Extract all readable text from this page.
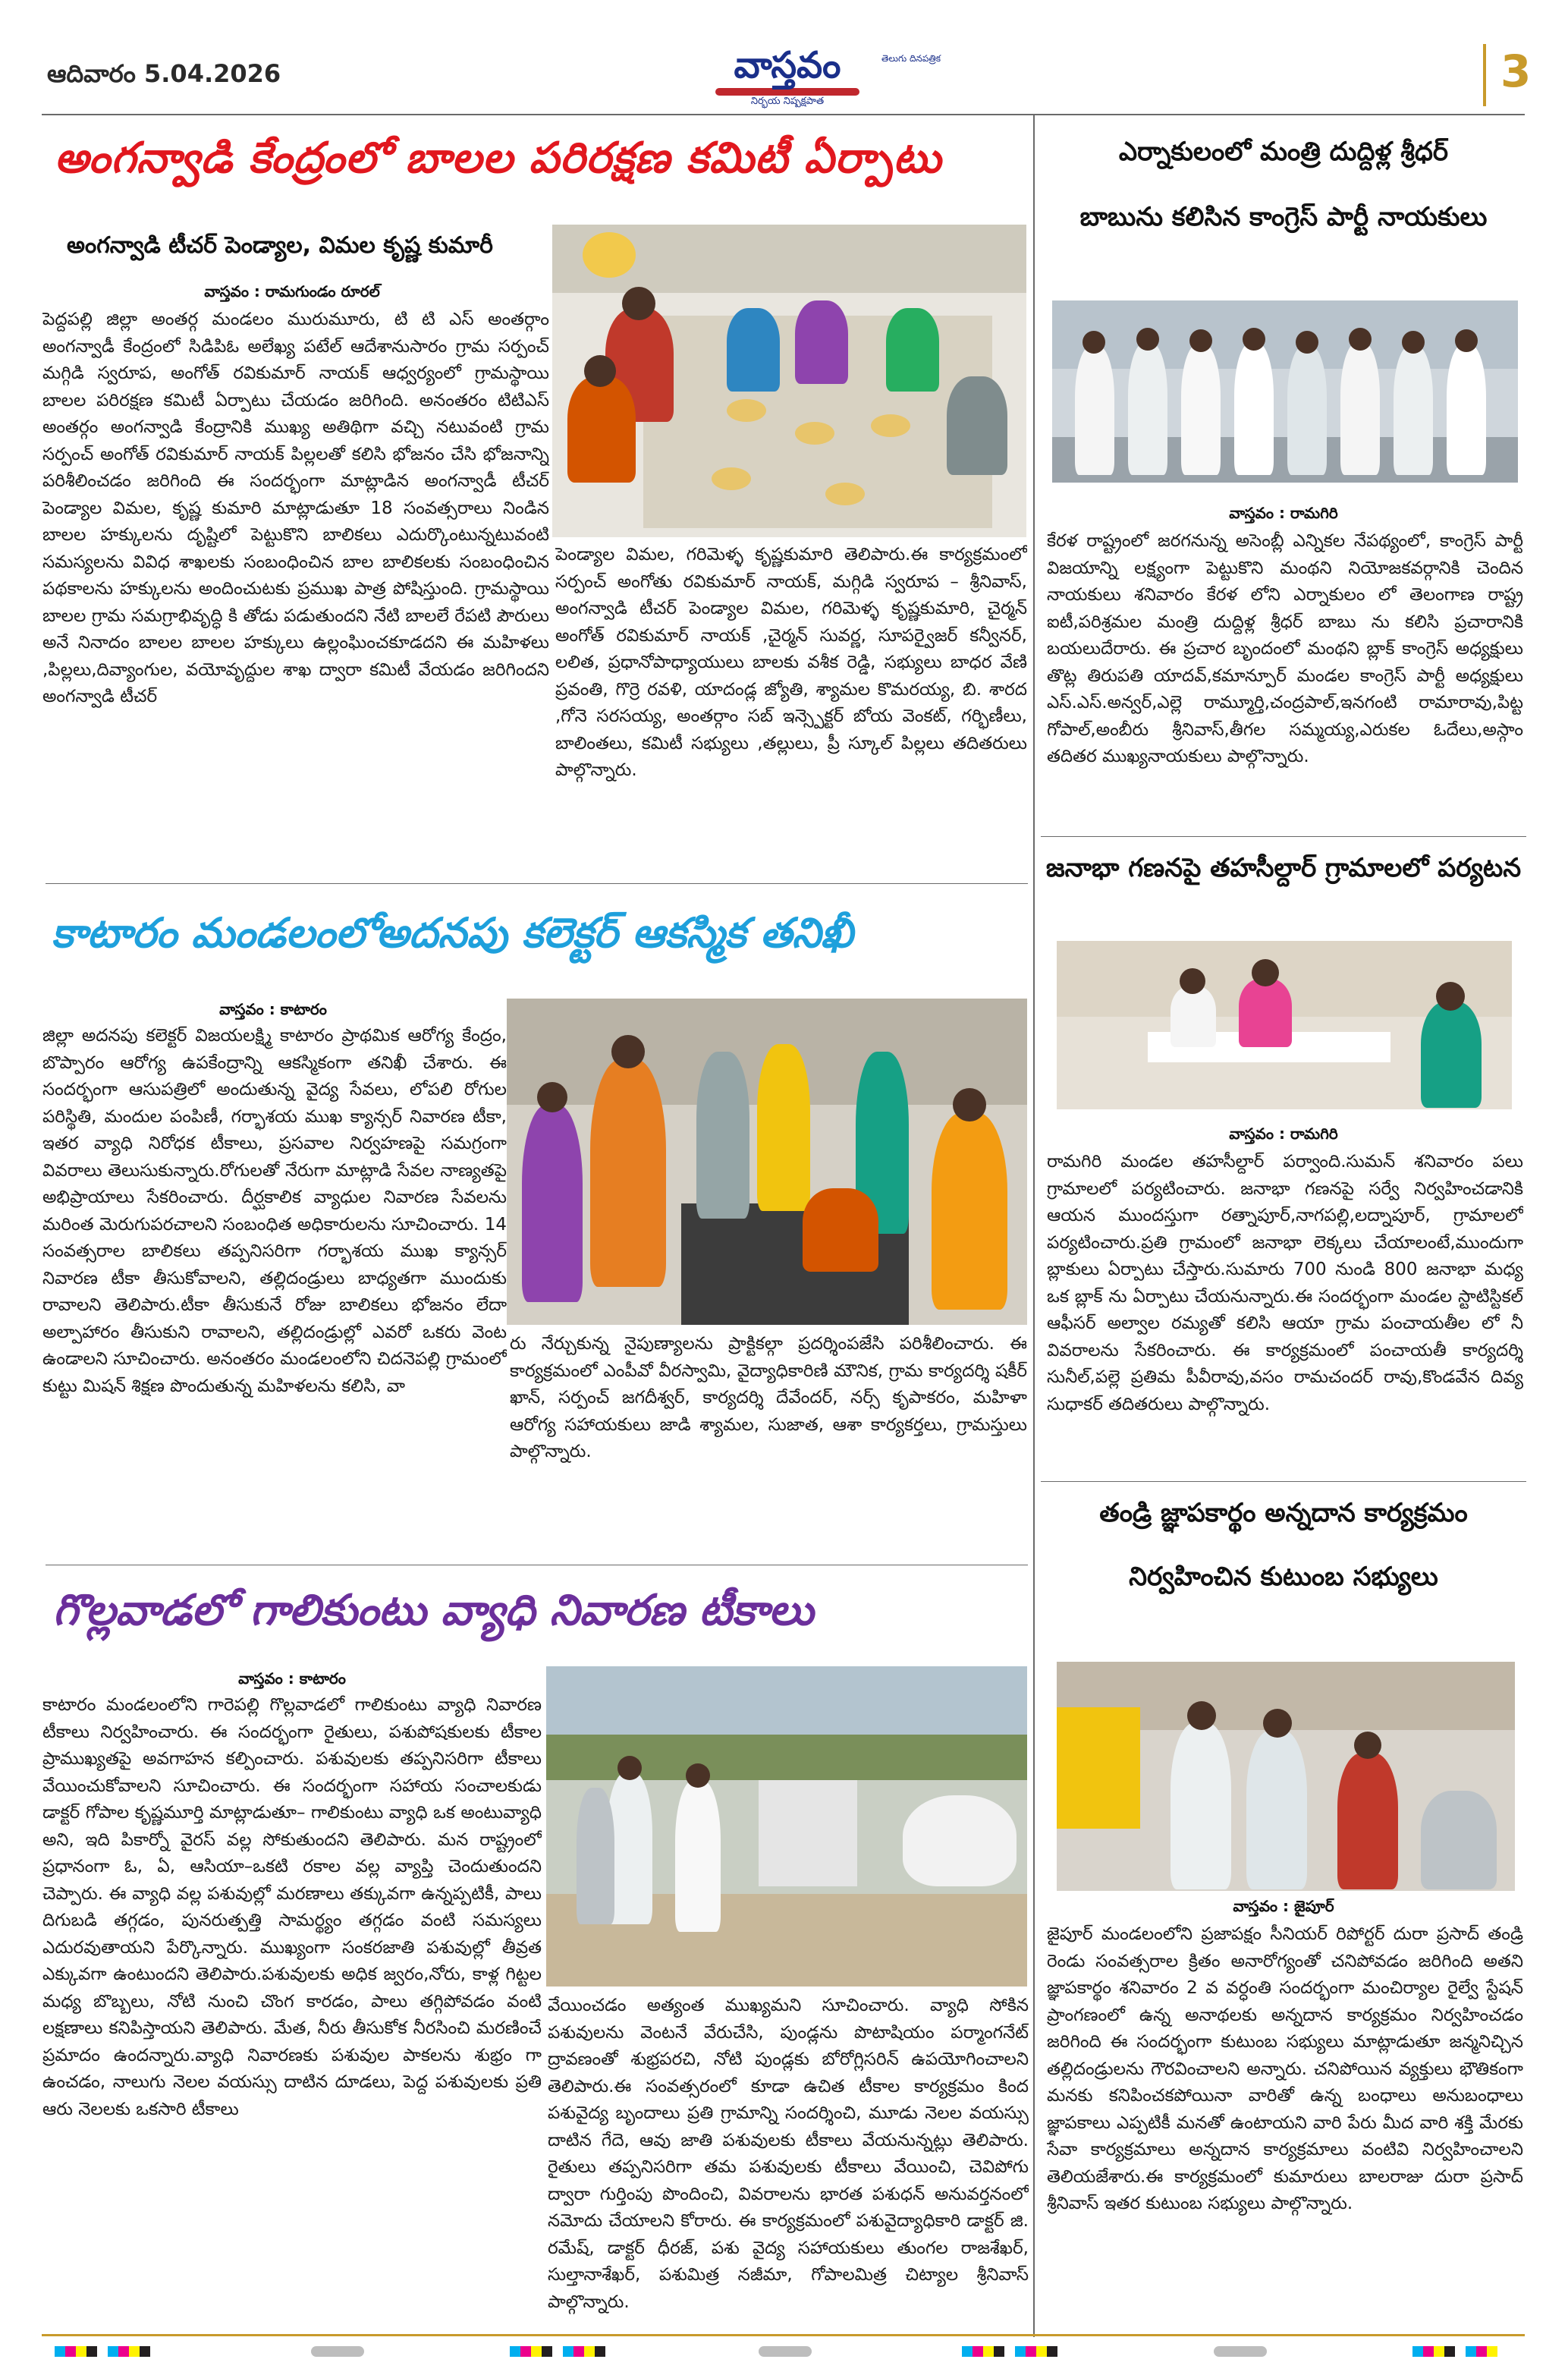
ఆదివారం 5.04.2026	వాస్తవం
నిర్భయ నిష్పక్షపాత
తెలుగు దినపత్రిక	3
అంగన్వాడి కేంద్రంలో బాలల పరిరక్షణ కమిటీ ఏర్పాటు
అంగన్వాడి టీచర్ పెండ్యాల, విమల కృష్ణ కుమారీ
వాస్తవం : రామగుండం రూరల్
పెద్దపల్లి జిల్లా అంతర్గ మండలం మురుమూరు, టి టి ఎస్ అంతర్గాం అంగన్వాడీ కేంద్రంలో సిడిపిఓ అలేఖ్య పటేల్ ఆదేశానుసారం గ్రామ సర్పంచ్ మగ్గిడి స్వరూప, అంగోత్ రవికుమార్ నాయక్ ఆధ్వర్యంలో గ్రామస్థాయి బాలల పరిరక్షణ కమిటీ ఏర్పాటు చేయడం జరిగింది. అనంతరం టిటిఎస్ అంతర్గం అంగన్వాడి కేంద్రానికి ముఖ్య అతిథిగా వచ్చి నటువంటి గ్రామ సర్పంచ్ అంగోత్ రవికుమార్ నాయక్ పిల్లలతో కలిసి భోజనం చేసి భోజనాన్ని పరిశీలించడం జరిగింది ఈ సందర్భంగా మాట్లాడిన అంగన్వాడీ టీచర్ పెండ్యాల విమల, కృష్ణ కుమారి మాట్లాడుతూ 18 సంవత్సరాలు నిండిన బాలల హక్కులను దృష్టిలో పెట్టుకొని బాలికలు ఎదుర్కొంటున్నటువంటి సమస్యలను వివిధ శాఖలకు సంబంధించిన బాల బాలికలకు సంబంధించిన పథకాలను హక్కులను అందించుటకు ప్రముఖ పాత్ర పోషిస్తుంది. గ్రామస్థాయి బాలల గ్రామ సమగ్రాభివృద్ధి కి తోడు పడుతుందని నేటి బాలలే రేపటి పౌరులు అనే నినాదం బాలల బాలల హక్కులు ఉల్లంఘించకూడదని ఈ మహిళలు ,పిల్లలు,దివ్యాంగుల, వయోవృద్దుల శాఖ ద్వారా కమిటీ వేయడం జరిగిందని అంగన్వాడి టీచర్
పెండ్యాల విమల, గరిమెళ్ళ కృష్ణకుమారి తెలిపారు.ఈ కార్యక్రమంలో సర్పంచ్ అంగోతు రవికుమార్ నాయక్, మగ్గిడి స్వరూప – శ్రీనివాస్, అంగన్వాడి టీచర్ పెండ్యాల విమల, గరిమెళ్ళ కృష్ణకుమారి, చైర్మన్ అంగోత్ రవికుమార్ నాయక్ ,చైర్మన్ సువర్ణ, సూపర్వైజర్ కన్వీనర్, లలిత, ప్రధానోపాధ్యాయులు బాలకు వశీక రెడ్డి, సభ్యులు బాధర వేణి ప్రవంతి, గొర్రె రవళి, యాదండ్ల జ్యోతి, శ్యామల కొమరయ్య, బి. శారద ,గోనె సరసయ్య, అంతర్గాం సబ్ ఇన్స్పెక్టర్ బోయ వెంకట్, గర్భిణీలు, బాలింతలు, కమిటీ సభ్యులు ,తల్లులు, ప్రీ స్కూల్ పిల్లలు తదితరులు పాల్గొన్నారు.
ఎర్నాకులంలో మంత్రి దుద్దిళ్ల శ్రీధర్
బాబును కలిసిన కాంగ్రెస్ పార్టీ నాయకులు
వాస్తవం : రామగిరి
కేరళ రాష్ట్రంలో జరగనున్న అసెంబ్లీ ఎన్నికల నేపథ్యంలో, కాంగ్రెస్ పార్టీ విజయాన్ని లక్ష్యంగా పెట్టుకొని మంథని నియోజకవర్గానికి చెందిన నాయకులు శనివారం కేరళ లోని ఎర్నాకులం లో తెలంగాణ రాష్ట్ర ఐటీ,పరిశ్రమల మంత్రి దుద్దిళ్ల శ్రీధర్ బాబు ను కలిసి ప్రచారానికి బయలుదేరారు. ఈ ప్రచార బృందంలో మంథని బ్లాక్ కాంగ్రెస్ అధ్యక్షులు తొట్ల తిరుపతి యాదవ్,కమాన్పూర్ మండల కాంగ్రెస్ పార్టీ అధ్యక్షులు ఎస్.ఎస్.అన్వర్,ఎల్లె రామ్మూర్తి,చంద్రపాల్,ఇనగంటి రామారావు,పిట్ట గోపాల్,అంబీరు శ్రీనివాస్,తీగల సమ్మయ్య,ఎరుకల ఓదేలు,అస్గాం తదితర ముఖ్యనాయకులు పాల్గొన్నారు.
జనాభా గణనపై తహసీల్దార్ గ్రామాలలో పర్యటన
వాస్తవం : రామగిరి
రామగిరి మండల తహసీల్దార్ పర్వాంది.సుమన్ శనివారం పలు గ్రామాలలో పర్యటించారు. జనాభా గణనపై సర్వే నిర్వహించడానికి ఆయన ముందస్తుగా రత్నాపూర్,నాగపల్లి,లద్నాపూర్, గ్రామాలలో పర్యటించారు.ప్రతి గ్రామంలో జనాభా లెక్కలు చేయాలంటే,ముందుగా బ్లాకులు ఏర్పాటు చేస్తారు.సుమారు 700 నుండి 800 జనాభా మధ్య ఒక బ్లాక్ ను ఏర్పాటు చేయనున్నారు.ఈ సందర్భంగా మండల స్టాటిస్టికల్ ఆఫీసర్ అల్వాల రమ్యతో కలిసి ఆయా గ్రామ పంచాయతీల లో నీ వివరాలను సేకరించారు. ఈ కార్యక్రమంలో పంచాయతీ కార్యదర్శి సునీల్,పల్లె ప్రతిమ పీవీరావు,వసం రామచందర్ రావు,కొండవేన దివ్య సుధాకర్ తదితరులు పాల్గొన్నారు.
కాటారం మండలంలోఅదనపు కలెక్టర్ ఆకస్మిక తనిఖీ
వాస్తవం : కాటారం
జిల్లా అదనపు కలెక్టర్ విజయలక్ష్మి కాటారం ప్రాథమిక ఆరోగ్య కేంద్రం, బొప్పారం ఆరోగ్య ఉపకేంద్రాన్ని ఆకస్మికంగా తనిఖీ చేశారు. ఈ సందర్భంగా ఆసుపత్రిలో అందుతున్న వైద్య సేవలు, లోపలి రోగుల పరిస్థితి, మందుల పంపిణీ, గర్భాశయ ముఖ క్యాన్సర్ నివారణ టీకా, ఇతర వ్యాధి నిరోధక టీకాలు, ప్రసవాల నిర్వహణపై సమగ్రంగా వివరాలు తెలుసుకున్నారు.రోగులతో నేరుగా మాట్లాడి సేవల నాణ్యతపై అభిప్రాయాలు సేకరించారు. దీర్ఘకాలిక వ్యాధుల నివారణ సేవలను మరింత మెరుగుపరచాలని సంబంధిత అధికారులను సూచించారు. 14 సంవత్సరాల బాలికలు తప్పనిసరిగా గర్భాశయ ముఖ క్యాన్సర్ నివారణ టీకా తీసుకోవాలని, తల్లిదండ్రులు బాధ్యతగా ముందుకు రావాలని తెలిపారు.టీకా తీసుకునే రోజు బాలికలు భోజనం లేదా అల్పాహారం తీసుకుని రావాలని, తల్లిదండ్రుల్లో ఎవరో ఒకరు వెంట ఉండాలని సూచించారు. అనంతరం మండలంలోని చిదనెపల్లి గ్రామంలో కుట్టు మిషన్ శిక్షణ పొందుతున్న మహిళలను కలిసి, వా
రు నేర్చుకున్న నైపుణ్యాలను ప్రాక్టికల్గా ప్రదర్శింపజేసి పరిశీలించారు. ఈ కార్యక్రమంలో ఎంపీవో వీరస్వామి, వైద్యాధికారిణి మౌనిక, గ్రామ కార్యదర్శి షకీర్ ఖాన్, సర్పంచ్ జగదీశ్వర్, కార్యదర్శి దేవేందర్, నర్స్ కృపాకరం, మహిళా ఆరోగ్య సహాయకులు జాడి శ్యామల, సుజాత, ఆశా కార్యకర్తలు, గ్రామస్తులు పాల్గొన్నారు.
గొల్లవాడలో గాలికుంటు వ్యాధి నివారణ టీకాలు
వాస్తవం : కాటారం
కాటారం మండలంలోని గారెపల్లి గొల్లవాడలో గాలికుంటు వ్యాధి నివారణ టీకాలు నిర్వహించారు. ఈ సందర్భంగా రైతులు, పశుపోషకులకు టీకాల ప్రాముఖ్యతపై అవగాహన కల్పించారు. పశువులకు తప్పనిసరిగా టీకాలు వేయించుకోవాలని సూచించారు. ఈ సందర్భంగా సహాయ సంచాలకుడు డాక్టర్ గోపాల కృష్ణమూర్తి మాట్లాడుతూ– గాలికుంటు వ్యాధి ఒక అంటువ్యాధి అని, ఇది పికార్నో వైరస్ వల్ల సోకుతుందని తెలిపారు. మన రాష్ట్రంలో ప్రధానంగా ఓ, ఏ, ఆసియా–ఒకటి రకాల వల్ల వ్యాప్తి చెందుతుందని చెప్పారు. ఈ వ్యాధి వల్ల పశువుల్లో మరణాలు తక్కువగా ఉన్నప్పటికీ, పాలు దిగుబడి తగ్గడం, పునరుత్పత్తి సామర్థ్యం తగ్గడం వంటి సమస్యలు ఎదురవుతాయని పేర్కొన్నారు. ముఖ్యంగా సంకరజాతి పశువుల్లో తీవ్రత ఎక్కువగా ఉంటుందని తెలిపారు.పశువులకు అధిక జ్వరం,నోరు, కాళ్ల గిట్టల మధ్య బొబ్బలు, నోటి నుంచి చొంగ కారడం, పాలు తగ్గిపోవడం వంటి లక్షణాలు కనిపిస్తాయని తెలిపారు. మేత, నీరు తీసుకోక నీరసించి మరణించే ప్రమాదం ఉందన్నారు.వ్యాధి నివారణకు పశువుల పాకలను శుభ్రం గా ఉంచడం, నాలుగు నెలల వయస్సు దాటిన దూడలు, పెద్ద పశువులకు ప్రతి ఆరు నెలలకు ఒకసారి టీకాలు
వేయించడం అత్యంత ముఖ్యమని సూచించారు. వ్యాధి సోకిన పశువులను వెంటనే వేరుచేసి, పుండ్లను పొటాషియం పర్మాంగనేట్ ద్రావణంతో శుభ్రపరచి, నోటి పుండ్లకు బోరోగ్లిసరిన్ ఉపయోగించాలని తెలిపారు.ఈ సంవత్సరంలో కూడా ఉచిత టీకాల కార్యక్రమం కింద పశువైద్య బృందాలు ప్రతి గ్రామాన్ని సందర్శించి, మూడు నెలల వయస్సు దాటిన గేదె, ఆవు జాతి పశువులకు టీకాలు వేయనున్నట్లు తెలిపారు. రైతులు తప్పనిసరిగా తమ పశువులకు టీకాలు వేయించి, చెవిపోగు ద్వారా గుర్తింపు పొందించి, వివరాలను భారత పశుధన్ అనువర్తనంలో నమోదు చేయాలని కోరారు. ఈ కార్యక్రమంలో పశువైద్యాధికారి డాక్టర్ జి. రమేష్, డాక్టర్ ధీరజ్, పశు వైద్య సహాయకులు తుంగల రాజశేఖర్, సుల్తానాశేఖర్, పశుమిత్ర నజీమా, గోపాలమిత్ర చిట్యాల శ్రీనివాస్ పాల్గొన్నారు.
తండ్రి జ్ఞాపకార్థం అన్నదాన కార్యక్రమం
నిర్వహించిన కుటుంబ సభ్యులు
వాస్తవం : జైపూర్
జైపూర్ మండలంలోని ప్రజాపక్షం సీనియర్ రిపోర్టర్ దురా ప్రసాద్ తండ్రి రెండు సంవత్సరాల క్రితం అనారోగ్యంతో చనిపోవడం జరిగింది అతని జ్ఞాపకార్థం శనివారం 2 వ వర్ధంతి సందర్భంగా మంచిర్యాల రైల్వే స్టేషన్ ప్రాంగణంలో ఉన్న అనాథలకు అన్నదాన కార్యక్రమం నిర్వహించడం జరిగింది ఈ సందర్భంగా కుటుంబ సభ్యులు మాట్లాడుతూ జన్మనిచ్చిన తల్లిదండ్రులను గౌరవించాలని అన్నారు. చనిపోయిన వ్యక్తులు భౌతికంగా మనకు కనిపించకపోయినా వారితో ఉన్న బంధాలు అనుబంధాలు జ్ఞాపకాలు ఎప్పటికీ మనతో ఉంటాయని వారి పేరు మీద వారి శక్తి మేరకు సేవా కార్యక్రమాలు అన్నదాన కార్యక్రమాలు వంటివి నిర్వహించాలని తెలియజేశారు.ఈ కార్యక్రమంలో కుమారులు బాలరాజు దురా ప్రసాద్ శ్రీనివాస్ ఇతర కుటుంబ సభ్యులు పాల్గొన్నారు.
